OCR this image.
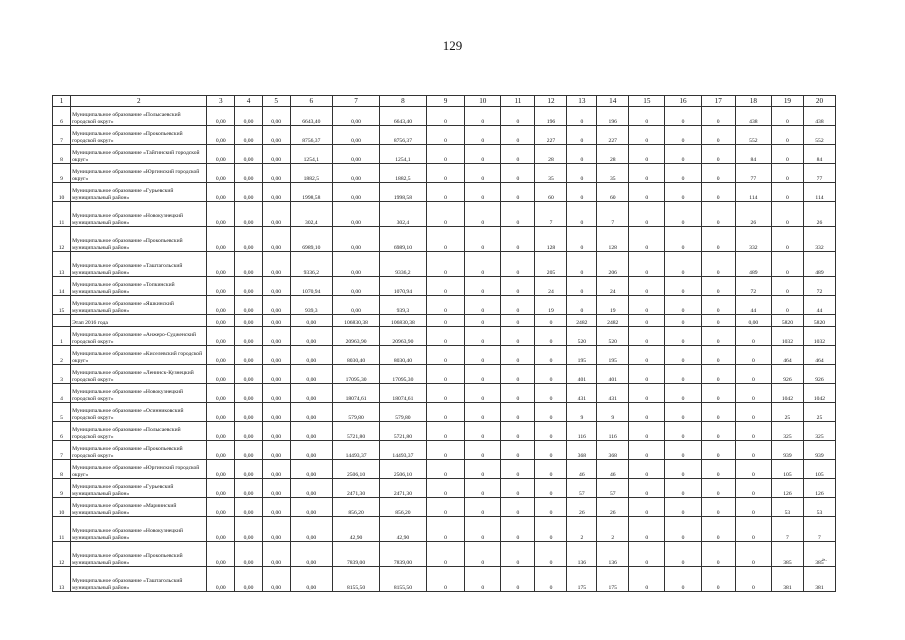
129
1	2	3	4	5	6	7	8	9	10	11	12	13	14	15	16	17	18	19	20
6	Муниципальное образование «Полысаевский городской округ»	0,00	0,00	0,00	6643,40	0,00	6643,40	0	0	0	196	0	196	0	0	0	438	0	438
7	Муниципальное образование «Прокопьевский городской округ»	0,00	0,00	0,00	8756,37	0,00	8756,37	0	0	0	227	0	227	0	0	0	552	0	552
8	Муниципальное образование «Тайгинский городской округ»	0,00	0,00	0,00	1254,1	0,00	1254,1	0	0	0	28	0	28	0	0	0	84	0	84
9	Муниципальное образование «Юргинский городской округ»	0,00	0,00	0,00	1882,5	0,00	1882,5	0	0	0	35	0	35	0	0	0	77	0	77
10	Муниципальное образование «Гурьевский муниципальный район»	0,00	0,00	0,00	1998,58	0,00	1998,58	0	0	0	60	0	60	0	0	0	114	0	114
11	Муниципальное образование «Новокузнецкий муниципальный район»	0,00	0,00	0,00	302,4	0,00	302,4	0	0	0	7	0	7	0	0	0	26	0	26
12	Муниципальное образование «Прокопьевский муниципальный район»	0,00	0,00	0,00	6989,10	0,00	6989,10	0	0	0	128	0	128	0	0	0	332	0	332
13	Муниципальное образование «Таштагольский муниципальный район»	0,00	0,00	0,00	9336,2	0,00	9336,2	0	0	0	205	0	206	0	0	0	489	0	489
14	Муниципальное образование «Топкинский муниципальный район»	0,00	0,00	0,00	1070,94	0,00	1070,94	0	0	0	24	0	24	0	0	0	72	0	72
15	Муниципальное образование «Яшкинский муниципальный район»	0,00	0,00	0,00	939,3	0,00	939,3	0	0	0	19	0	19	0	0	0	44	0	44
	Этап 2016 года	0,00	0,00	0,00	0,00	106830,38	106830,38	0	0	0	0	2482	2482	0	0	0	0,00	5820	5820
1	Муниципальное образование «Анжеро-Судженский городской округ»	0,00	0,00	0,00	0,00	20963,90	20963,90	0	0	0	0	520	520	0	0	0	0	1032	1032
2	Муниципальное образование «Киселевский городской округ»	0,00	0,00	0,00	0,00	8030,40	8030,40	0	0	0	0	195	195	0	0	0	0	464	464
3	Муниципальное образование «Ленинск-Кузнецкий городской округ»	0,00	0,00	0,00	0,00	17095,30	17095,30	0	0	0	0	401	401	0	0	0	0	926	926
4	Муниципальное образование «Новокузнецкий городской округ»	0,00	0,00	0,00	0,00	18074,61	18074,61	0	0	0	0	431	431	0	0	0	0	1042	1042
5	Муниципальное образование «Осинниковский городской округ»	0,00	0,00	0,00	0,00	579,80	579,80	0	0	0	0	9	9	0	0	0	0	25	25
6	Муниципальное образование «Полысаевский городской округ»	0,00	0,00	0,00	0,00	5721,80	5721,80	0	0	0	0	116	116	0	0	0	0	325	325
7	Муниципальное образование «Прокопьевский городской округ»	0,00	0,00	0,00	0,00	14493,37	14493,37	0	0	0	0	368	368	0	0	0	0	939	939
8	Муниципальное образование «Юргинский городской округ»	0,00	0,00	0,00	0,00	2506,10	2506,10	0	0	0	0	46	46	0	0	0	0	105	105
9	Муниципальное образование «Гурьевский муниципальный район»	0,00	0,00	0,00	0,00	2471,30	2471,30	0	0	0	0	57	57	0	0	0	0	126	126
10	Муниципальное образование «Мариинский муниципальный район»	0,00	0,00	0,00	0,00	856,20	856,20	0	0	0	0	26	26	0	0	0	0	53	53
11	Муниципальное образование «Новокузнецкий муниципальный район»	0,00	0,00	0,00	0,00	42,90	42,90	0	0	0	0	2	2	0	0	0	0	7	7
12	Муниципальное образование «Прокопьевский муниципальный район»	0,00	0,00	0,00	0,00	7839,00	7839,00	0	0	0	0	136	136	0	0	0	0	385	385
13	Муниципальное образование «Таштагольский муниципальный район»	0,00	0,00	0,00	0,00	8155,50	8155,50	0	0	0	0	175	175	0	0	0	0	381	381
».
